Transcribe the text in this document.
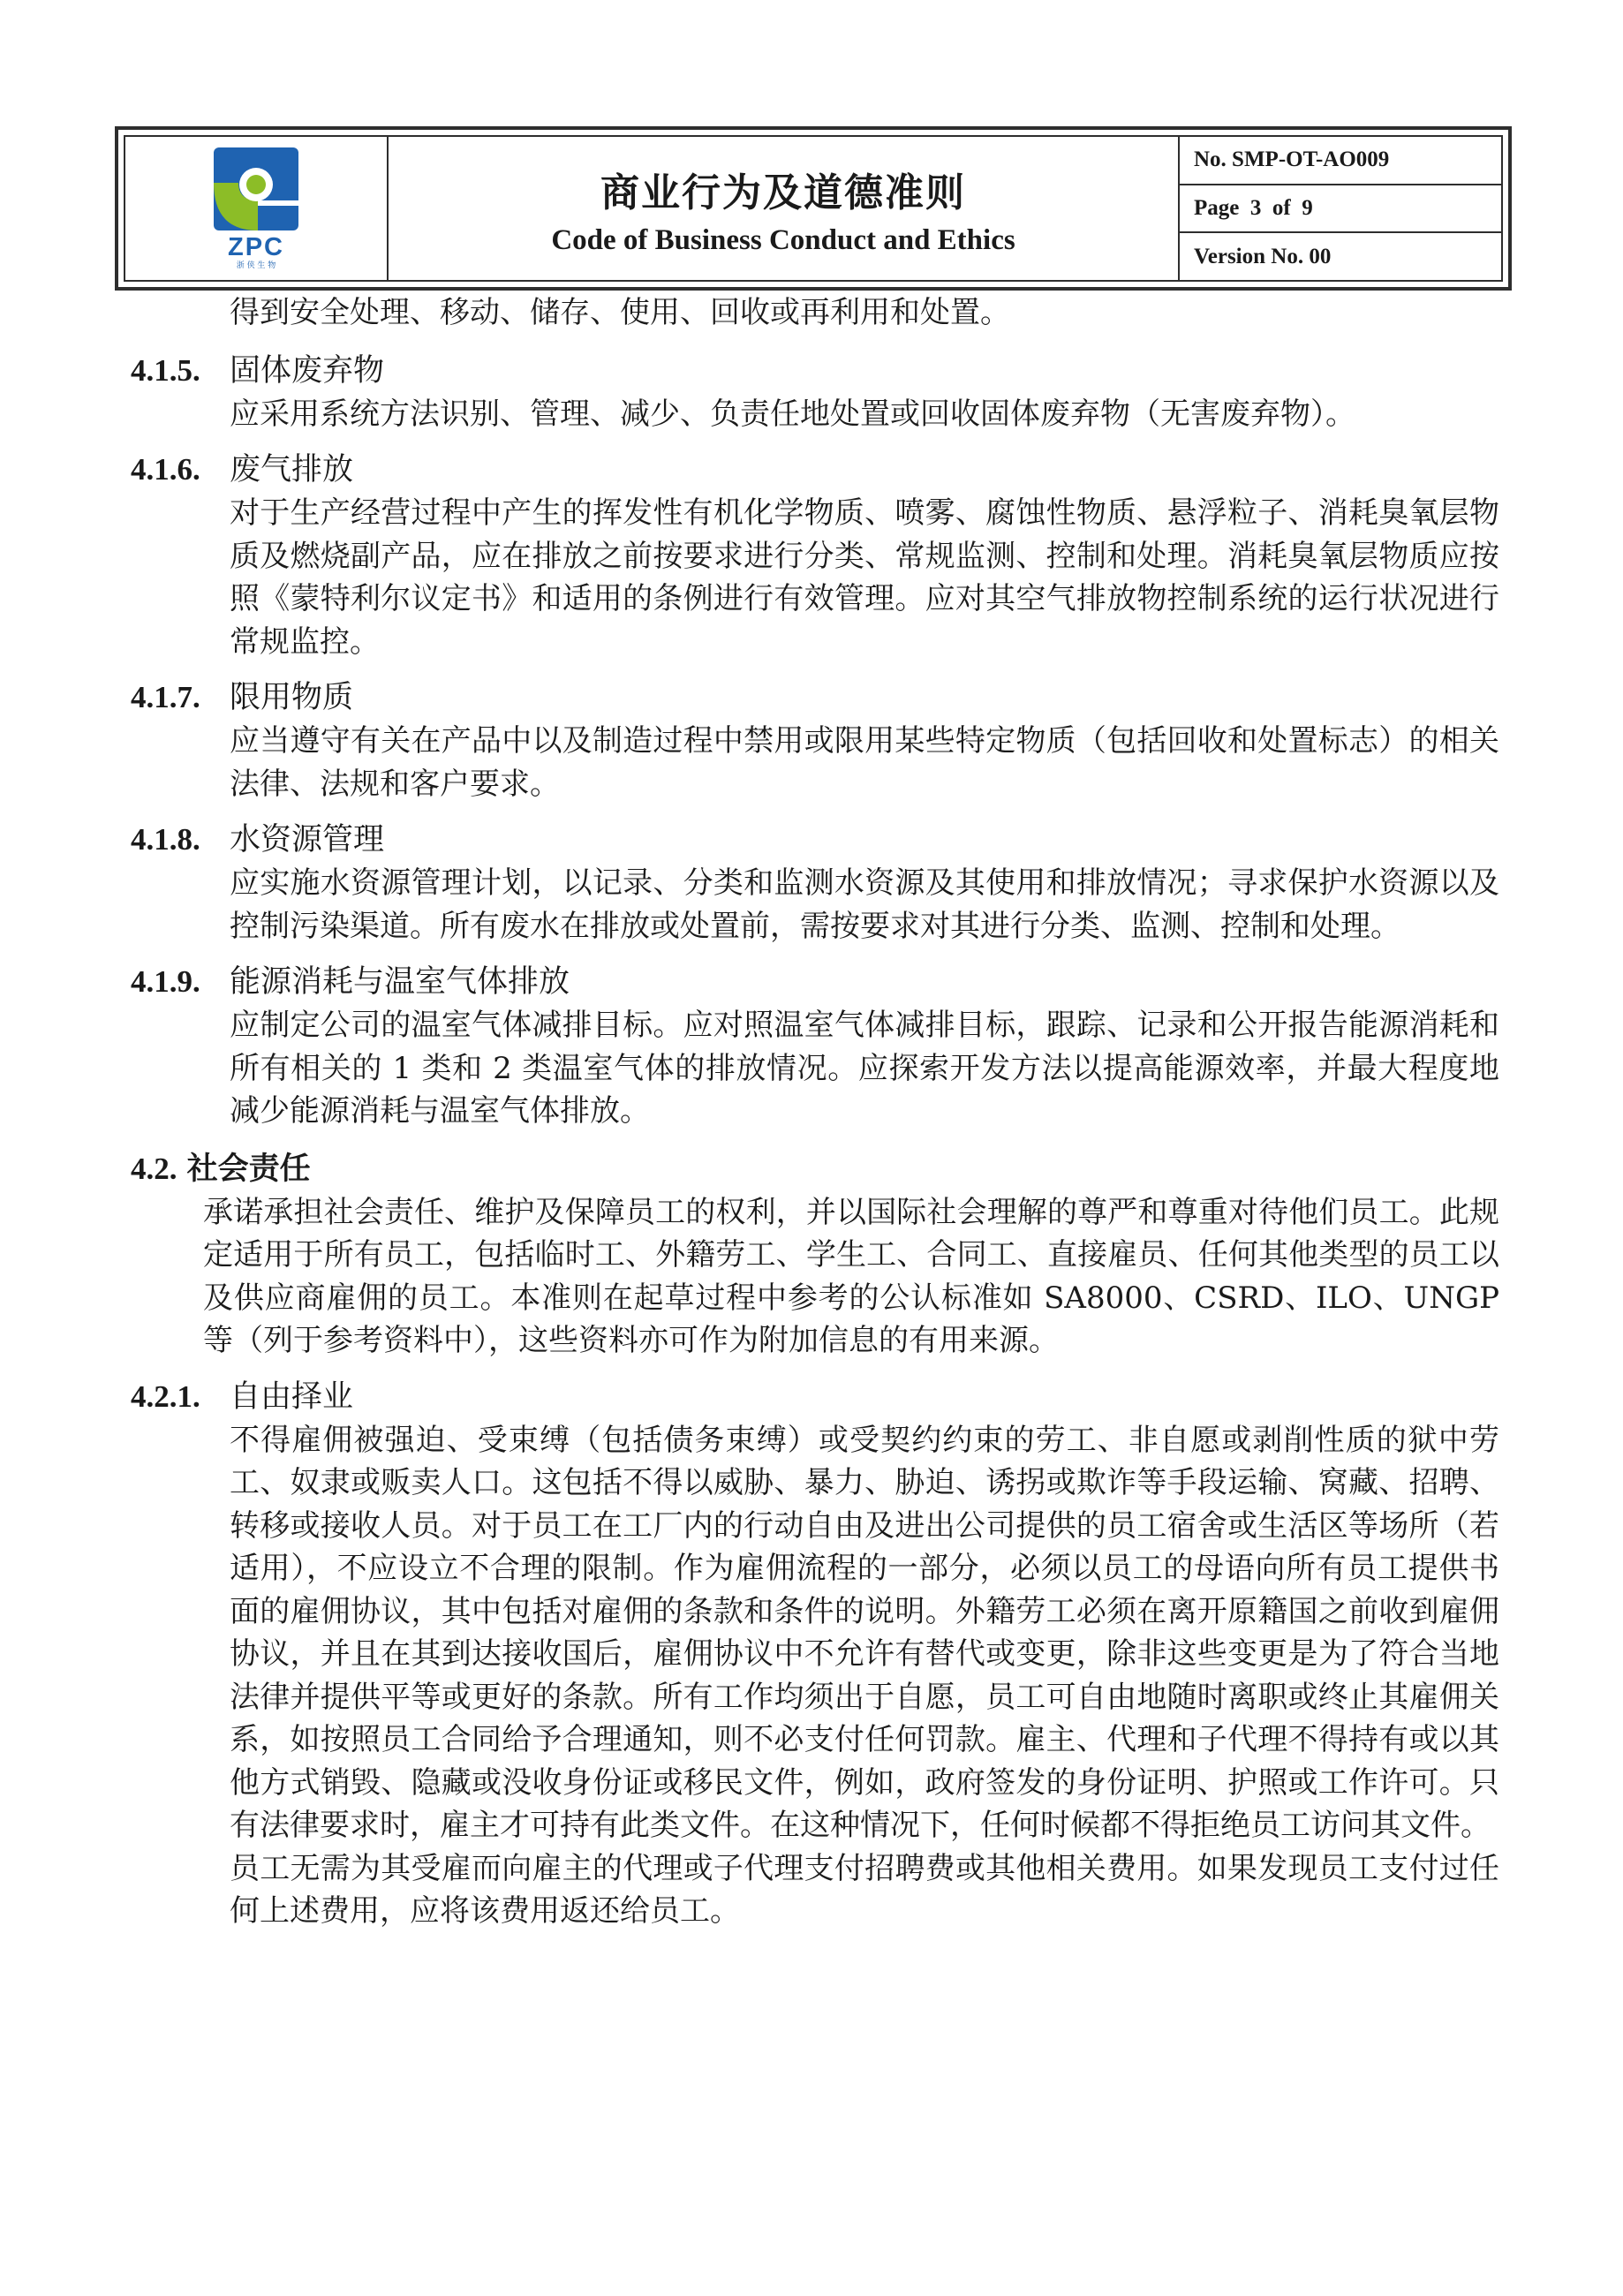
ZPC
浙 侠 生 物
商业行为及道德准则
Code of Business Conduct and Ethics
No. SMP-OT-AO009
Page  3  of  9
Version No. 00

得到安全处理、移动、储存、使用、回收或再利用和处置。

4.1.5. 固体废弃物

应采用系统方法识别、管理、减少、负责任地处置或回收固体废弃物（无害废弃物）。

4.1.6. 废气排放

对于生产经营过程中产生的挥发性有机化学物质、喷雾、腐蚀性物质、悬浮粒子、消耗臭氧层物质及燃烧副产品，应在排放之前按要求进行分类、常规监测、控制和处理。消耗臭氧层物质应按照《蒙特利尔议定书》和适用的条例进行有效管理。应对其空气排放物控制系统的运行状况进行常规监控。

4.1.7. 限用物质

应当遵守有关在产品中以及制造过程中禁用或限用某些特定物质（包括回收和处置标志）的相关法律、法规和客户要求。

4.1.8. 水资源管理

应实施水资源管理计划，以记录、分类和监测水资源及其使用和排放情况；寻求保护水资源以及控制污染渠道。所有废水在排放或处置前，需按要求对其进行分类、监测、控制和处理。

4.1.9. 能源消耗与温室气体排放

应制定公司的温室气体减排目标。应对照温室气体减排目标，跟踪、记录和公开报告能源消耗和所有相关的 1 类和 2 类温室气体的排放情况。应探索开发方法以提高能源效率，并最大程度地减少能源消耗与温室气体排放。

4.2. 社会责任

承诺承担社会责任、维护及保障员工的权利，并以国际社会理解的尊严和尊重对待他们员工。此规定适用于所有员工，包括临时工、外籍劳工、学生工、合同工、直接雇员、任何其他类型的员工以及供应商雇佣的员工。本准则在起草过程中参考的公认标准如 SA8000、CSRD、ILO、UNGP 等（列于参考资料中），这些资料亦可作为附加信息的有用来源。

4.2.1. 自由择业

不得雇佣被强迫、受束缚（包括债务束缚）或受契约约束的劳工、非自愿或剥削性质的狱中劳工、奴隶或贩卖人口。这包括不得以威胁、暴力、胁迫、诱拐或欺诈等手段运输、窝藏、招聘、转移或接收人员。对于员工在工厂内的行动自由及进出公司提供的员工宿舍或生活区等场所（若适用），不应设立不合理的限制。作为雇佣流程的一部分，必须以员工的母语向所有员工提供书面的雇佣协议，其中包括对雇佣的条款和条件的说明。外籍劳工必须在离开原籍国之前收到雇佣协议，并且在其到达接收国后，雇佣协议中不允许有替代或变更，除非这些变更是为了符合当地法律并提供平等或更好的条款。所有工作均须出于自愿，员工可自由地随时离职或终止其雇佣关系，如按照员工合同给予合理通知，则不必支付任何罚款。雇主、代理和子代理不得持有或以其他方式销毁、隐藏或没收身份证或移民文件，例如，政府签发的身份证明、护照或工作许可。只有法律要求时，雇主才可持有此类文件。在这种情况下，任何时候都不得拒绝员工访问其文件。

员工无需为其受雇而向雇主的代理或子代理支付招聘费或其他相关费用。如果发现员工支付过任何上述费用，应将该费用返还给员工。
